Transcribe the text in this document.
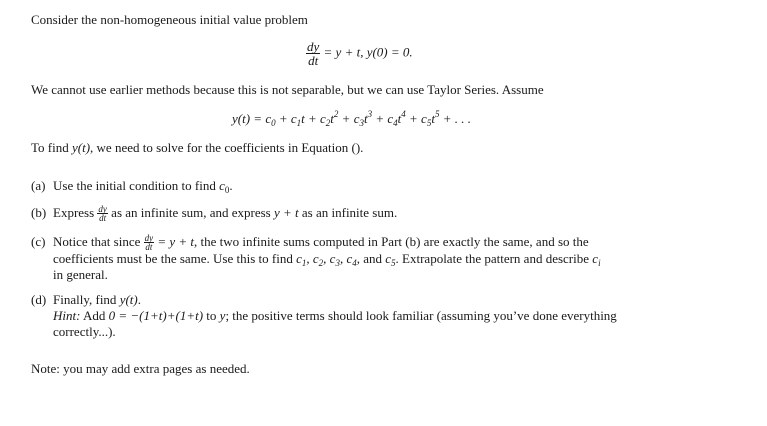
Consider the non-homogeneous initial value problem
$\frac{dy}{dt} = y + t$, y(0) = 0.
We cannot use earlier methods because this is not separable, but we can use Taylor Series. Assume
$y(t) = c_0 + c_1t + c_2t^2 + c_3t^3 + c_4t^4 + c_5t^5$ + . . .
To find y(t), we need to solve for the coefficients in Equation ().
(a) Use the initial condition to find $c_0$.
(b) Express $\frac{dy}{dt}$ as an infinite sum, and express y + t as an infinite sum.
(c) Notice that since $\frac{dy}{dt} = y + t$, the two infinite sums computed in Part (b) are exactly the same, and so the
coefficients must be the same. Use this to find $c_1$, $c_2$, $c_3$, $c_4$, and $c_5$. Extrapolate the pattern and describe $c_i$
in general.
(d) Finally, find y(t).
Hint: Add 0 = −(1+t)+(1+t) to y; the positive terms should look familiar (assuming you’ve done everything
correctly...).
Note: you may add extra pages as needed.
